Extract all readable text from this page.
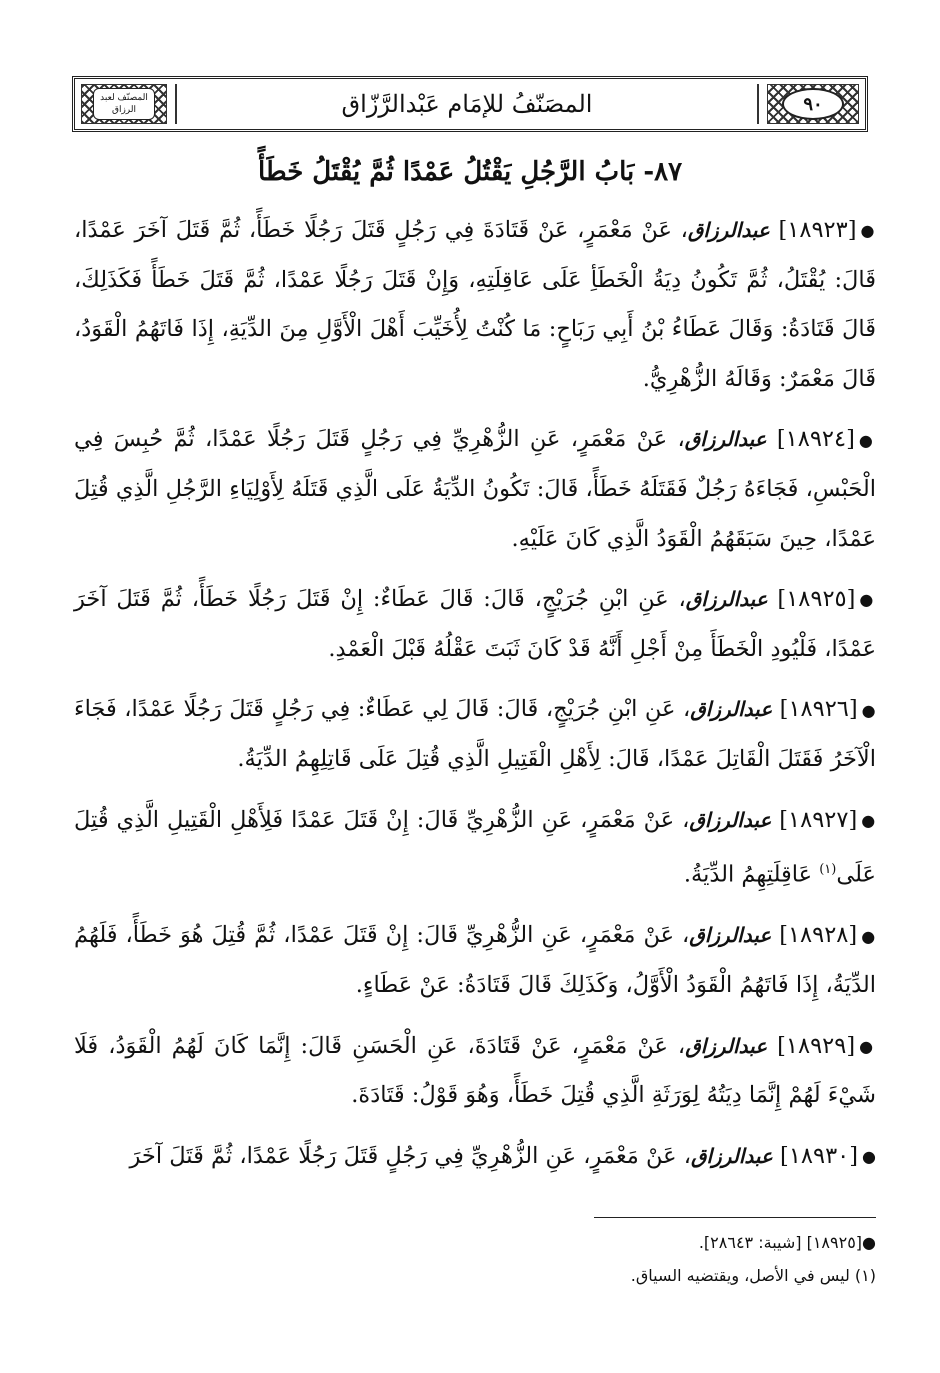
٩٠
المصَنّفُ للإمَام عَبْدالرَّزّاق
المصنّف لعبد الرزاق
٨٧- بَابُ الرَّجُلِ يَقْتُلُ عَمْدًا ثُمَّ يُقْتَلُ خَطَأً

●[١٨٩٢٣] عبدالرزاق، عَنْ مَعْمَرٍ، عَنْ قَتَادَةَ فِي رَجُلٍ قَتَلَ رَجُلًا خَطَأً، ثُمَّ قَتَلَ آخَرَ عَمْدًا، قَالَ: يُقْتَلُ، ثُمَّ تَكُونُ دِيَةُ الْخَطَأِ عَلَى عَاقِلَتِهِ، وَإِنْ قَتَلَ رَجُلًا عَمْدًا، ثُمَّ قَتَلَ خَطَأً فَكَذَلِكَ، قَالَ قَتَادَةُ: وَقَالَ عَطَاءُ بْنُ أَبِي رَبَاحٍ: مَا كُنْتُ لِأُخَيِّبَ أَهْلَ الْأَوَّلِ مِنَ الدِّيَةِ، إِذَا فَاتَهُمُ الْقَوَدُ، قَالَ مَعْمَرٌ: وَقَالَهُ الزُّهْرِيُّ.

●[١٨٩٢٤] عبدالرزاق، عَنْ مَعْمَرٍ، عَنِ الزُّهْرِيِّ فِي رَجُلٍ قَتَلَ رَجُلًا عَمْدًا، ثُمَّ حُبِسَ فِي الْحَبْسِ، فَجَاءَهُ رَجُلٌ فَقَتَلَهُ خَطَأً، قَالَ: تَكُونُ الدِّيَةُ عَلَى الَّذِي قَتَلَهُ لِأَوْلِيَاءِ الرَّجُلِ الَّذِي قُتِلَ عَمْدًا، حِينَ سَبَقَهُمُ الْقَوَدُ الَّذِي كَانَ عَلَيْهِ.

●[١٨٩٢٥] عبدالرزاق، عَنِ ابْنِ جُرَيْجٍ، قَالَ: قَالَ عَطَاءٌ: إِنْ قَتَلَ رَجُلًا خَطَأً، ثُمَّ قَتَلَ آخَرَ عَمْدًا، فَلْيُودِ الْخَطَأَ مِنْ أَجْلِ أَنَّهُ قَدْ كَانَ ثَبَتَ عَقْلُهُ قَبْلَ الْعَمْدِ.

●[١٨٩٢٦] عبدالرزاق، عَنِ ابْنِ جُرَيْجٍ، قَالَ: قَالَ لِي عَطَاءٌ: فِي رَجُلٍ قَتَلَ رَجُلًا عَمْدًا، فَجَاءَ الْآخَرُ فَقَتَلَ الْقَاتِلَ عَمْدًا، قَالَ: لِأَهْلِ الْقَتِيلِ الَّذِي قُتِلَ عَلَى قَاتِلِهِمُ الدِّيَةُ.

●[١٨٩٢٧] عبدالرزاق، عَنْ مَعْمَرٍ، عَنِ الزُّهْرِيِّ قَالَ: إِنْ قَتَلَ عَمْدًا فَلِأَهْلِ الْقَتِيلِ الَّذِي قُتِلَ عَلَى$^{(١)}$ عَاقِلَتِهِمُ الدِّيَةُ.

●[١٨٩٢٨] عبدالرزاق، عَنْ مَعْمَرٍ، عَنِ الزُّهْرِيِّ قَالَ: إِنْ قَتَلَ عَمْدًا، ثُمَّ قُتِلَ هُوَ خَطَأً، فَلَهُمُ الدِّيَةُ، إِذَا فَاتَهُمُ الْقَوَدُ الْأَوَّلُ، وَكَذَلِكَ قَالَ قَتَادَةُ: عَنْ عَطَاءٍ.

●[١٨٩٢٩] عبدالرزاق، عَنْ مَعْمَرٍ، عَنْ قَتَادَةَ، عَنِ الْحَسَنِ قَالَ: إِنَّمَا كَانَ لَهُمُ الْقَوَدُ، فَلَا شَيْءَ لَهُمْ إِنَّمَا دِيَتُهُ لِوَرَثَةِ الَّذِي قُتِلَ خَطَأً، وَهُوَ قَوْلُ: قَتَادَةَ.

●[١٨٩٣٠] عبدالرزاق، عَنْ مَعْمَرٍ، عَنِ الزُّهْرِيِّ فِي رَجُلٍ قَتَلَ رَجُلًا عَمْدًا، ثُمَّ قَتَلَ آخَرَ

●[١٨٩٢٥] [شيبة: ٢٨٦٤٣].
(١) ليس في الأصل، ويقتضيه السياق.
